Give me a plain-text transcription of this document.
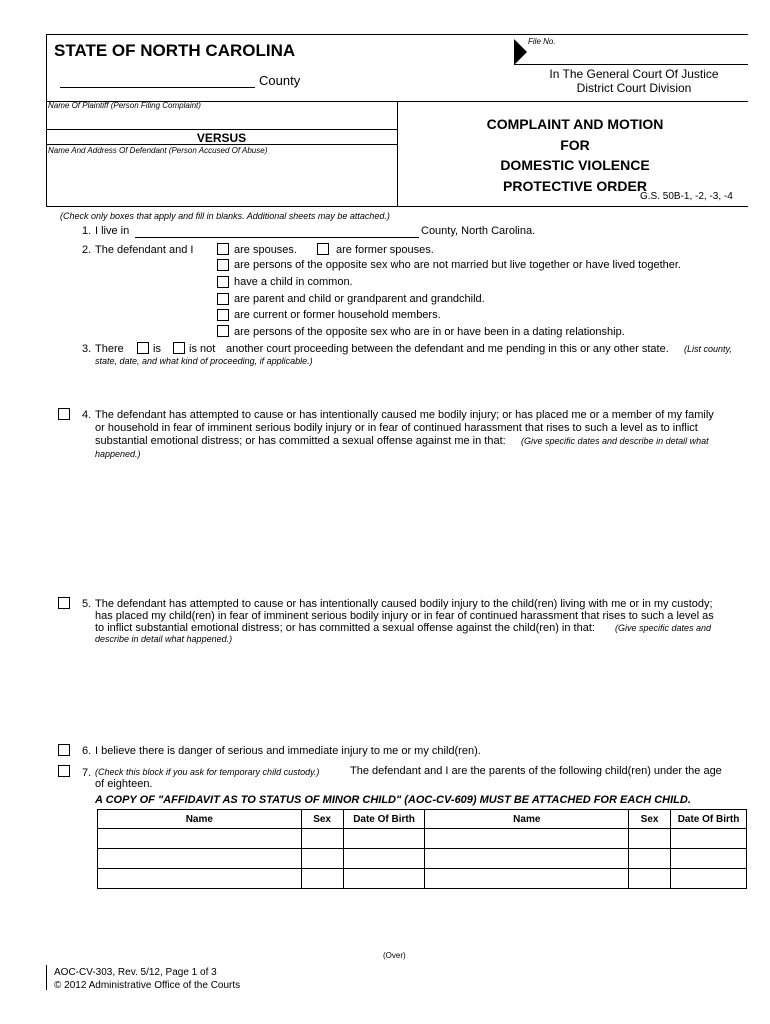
STATE OF NORTH CAROLINA
County
File No.
In The General Court Of Justice
District Court Division
Name Of Plaintiff (Person Filing Complaint)
VERSUS
Name And Address Of Defendant (Person Accused Of Abuse)
COMPLAINT AND MOTION
FOR
DOMESTIC VIOLENCE
PROTECTIVE ORDER
G.S. 50B-1, -2, -3, -4
(Check only boxes that apply and fill in blanks. Additional sheets may be attached.)
1. I live in	County, North Carolina.
2. The defendant and I	are spouses.	are former spouses.
are persons of the opposite sex who are not married but live together or have lived together.
have a child in common.
are parent and child or grandparent and grandchild.
are current or former household members.
are persons of the opposite sex who are in or have been in a dating relationship.
3. There	is	is not another court proceeding between the defendant and me pending in this or any other state. (List county,
state, date, and what kind of proceeding, if applicable.)
4. The defendant has attempted to cause or has intentionally caused me bodily injury; or has placed me or a member of my family
or household in fear of imminent serious bodily injury or in fear of continued harassment that rises to such a level as to inflict
substantial emotional distress; or has committed a sexual offense against me in that: (Give specific dates and describe in detail what
happened.)
5. The defendant has attempted to cause or has intentionally caused bodily injury to the child(ren) living with me or in my custody;
has placed my child(ren) in fear of imminent serious bodily injury or in fear of continued harassment that rises to such a level as
to inflict substantial emotional distress; or has committed a sexual offense against the child(ren) in that: (Give specific dates and
describe in detail what happened.)
6. I believe there is danger of serious and immediate injury to me or my child(ren).
7. (Check this block if you ask for temporary child custody.)	The defendant and I are the parents of the following child(ren) under the age
of eighteen.
A COPY OF "AFFIDAVIT AS TO STATUS OF MINOR CHILD" (AOC-CV-609) MUST BE ATTACHED FOR EACH CHILD.
Name	Sex	Date Of Birth	Name	Sex	Date Of Birth

(Over)
AOC-CV-303, Rev. 5/12, Page 1 of 3
© 2012 Administrative Office of the Courts
